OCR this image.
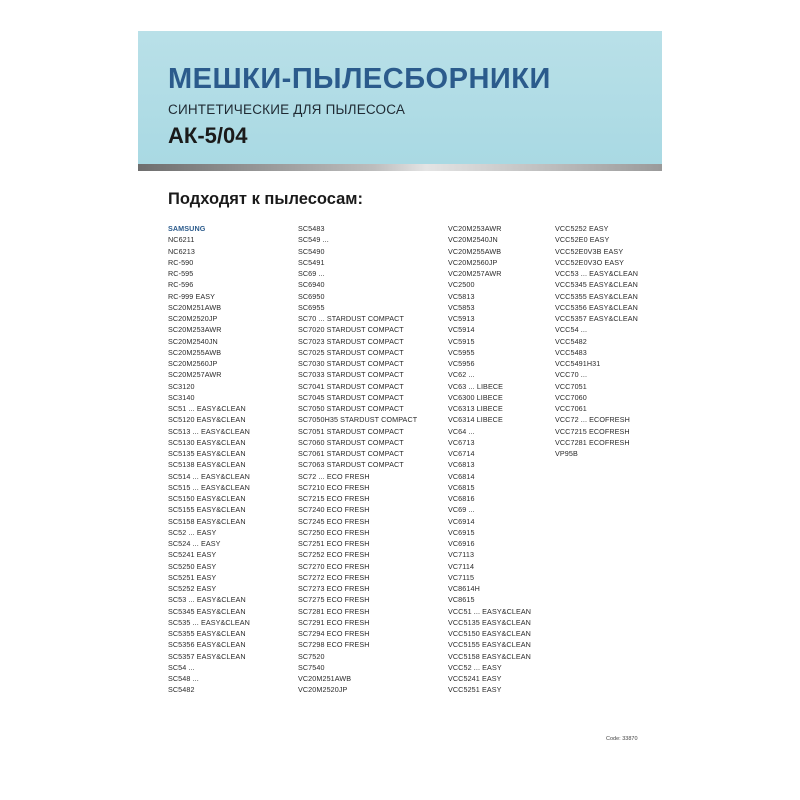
МЕШКИ-ПЫЛЕСБОРНИКИ

СИНТЕТИЧЕСКИЕ ДЛЯ ПЫЛЕСОСА

АК-5/04

Подходят к пылесосам:
SAMSUNG
NC6211
NC6213
RC-590
RC-595
RC-596
RC-999 EASY
SC20M251AWB
SC20M2520JP
SC20M253AWR
SC20M2540JN
SC20M255AWB
SC20M2560JP
SC20M257AWR
SC3120
SC3140
SC51 ... EASY&CLEAN
SC5120 EASY&CLEAN
SC513 ... EASY&CLEAN
SC5130 EASY&CLEAN
SC5135 EASY&CLEAN
SC5138 EASY&CLEAN
SC514 ... EASY&CLEAN
SC515 ... EASY&CLEAN
SC5150 EASY&CLEAN
SC5155 EASY&CLEAN
SC5158 EASY&CLEAN
SC52 ... EASY
SC524 ... EASY
SC5241 EASY
SC5250 EASY
SC5251 EASY
SC5252 EASY
SC53 ... EASY&CLEAN
SC5345 EASY&CLEAN
SC535 ... EASY&CLEAN
SC5355 EASY&CLEAN
SC5356 EASY&CLEAN
SC5357 EASY&CLEAN
SC54 ...
SC548 ...
SC5482
SC5483
SC549 ...
SC5490
SC5491
SC69 ...
SC6940
SC6950
SC6955
SC70 ... STARDUST COMPACT
SC7020 STARDUST COMPACT
SC7023 STARDUST COMPACT
SC7025 STARDUST COMPACT
SC7030 STARDUST COMPACT
SC7033 STARDUST COMPACT
SC7041 STARDUST COMPACT
SC7045 STARDUST COMPACT
SC7050 STARDUST COMPACT
SC7050H35 STARDUST COMPACT
SC7051 STARDUST COMPACT
SC7060 STARDUST COMPACT
SC7061 STARDUST COMPACT
SC7063 STARDUST COMPACT
SC72 ... ECO FRESH
SC7210 ECO FRESH
SC7215 ECO FRESH
SC7240 ECO FRESH
SC7245 ECO FRESH
SC7250 ECO FRESH
SC7251 ECO FRESH
SC7252 ECO FRESH
SC7270 ECO FRESH
SC7272 ECO FRESH
SC7273 ECO FRESH
SC7275 ECO FRESH
SC7281 ECO FRESH
SC7291 ECO FRESH
SC7294 ECO FRESH
SC7298 ECO FRESH
SC7520
SC7540
VC20M251AWB
VC20M2520JP
VC20M253AWR
VC20M2540JN
VC20M255AWB
VC20M2560JP
VC20M257AWR
VC2500
VC5813
VC5853
VC5913
VC5914
VC5915
VC5955
VC5956
VC62 ...
VC63 ... LIBECE
VC6300 LIBECE
VC6313 LIBECE
VC6314 LIBECE
VC64 ...
VC6713
VC6714
VC6813
VC6814
VC6815
VC6816
VC69 ...
VC6914
VC6915
VC6916
VC7113
VC7114
VC7115
VC8614H
VC8615
VCC51 ... EASY&CLEAN
VCC5135 EASY&CLEAN
VCC5150 EASY&CLEAN
VCC5155 EASY&CLEAN
VCC5158 EASY&CLEAN
VCC52 ... EASY
VCC5241 EASY
VCC5251 EASY
VCC5252 EASY
VCC52E0 EASY
VCC52E0V3B EASY
VCC52E0V3O EASY
VCC53 ... EASY&CLEAN
VCC5345 EASY&CLEAN
VCC5355 EASY&CLEAN
VCC5356 EASY&CLEAN
VCC5357 EASY&CLEAN
VCC54 ...
VCC5482
VCC5483
VCC5491H31
VCC70 ...
VCC7051
VCC7060
VCC7061
VCC72 ... ECOFRESH
VCC7215 ECOFRESH
VCC7281 ECOFRESH
VP95B
Code: 33870
